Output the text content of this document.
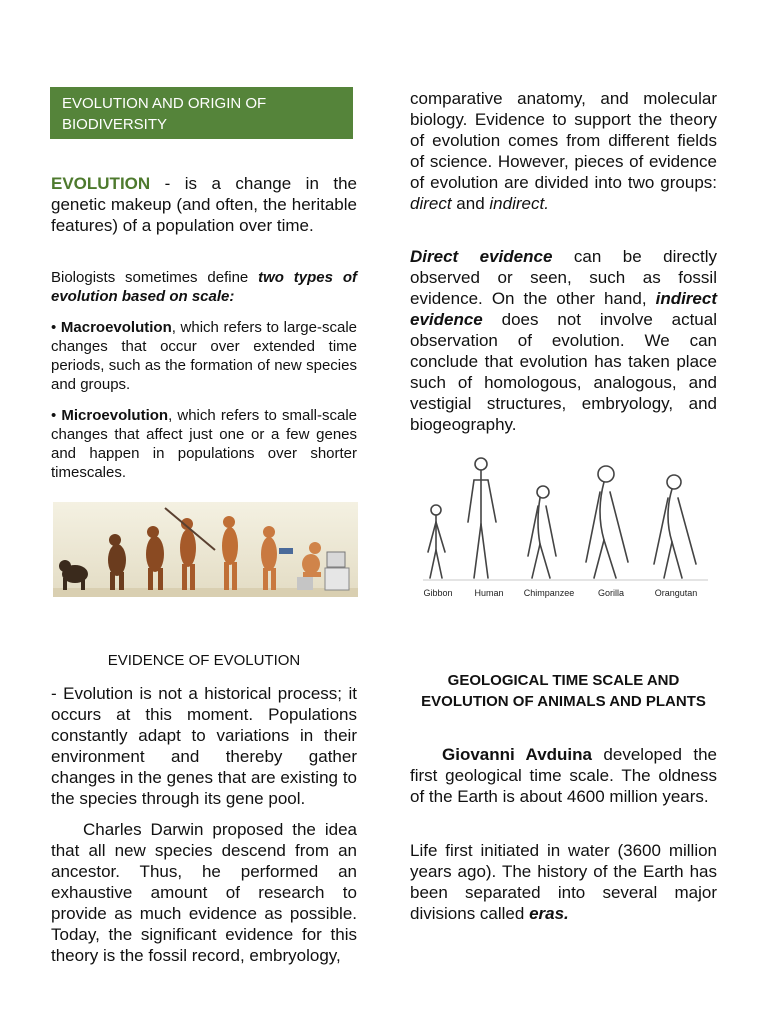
EVOLUTION AND ORIGIN OF
BIODIVERSITY
EVOLUTION - is a change in the genetic makeup (and often, the heritable features) of a population over time.
Biologists sometimes define two types of evolution based on scale:
• Macroevolution, which refers to large-scale changes that occur over extended time periods, such as the formation of new species and groups.
• Microevolution, which refers to small-scale changes that affect just one or a few genes and happen in populations over shorter timescales.
EVIDENCE OF EVOLUTION
- Evolution is not a historical process; it occurs at this moment. Populations constantly adapt to variations in their environment and thereby gather changes in the genes that are existing to the species through its gene pool.
Charles Darwin proposed the idea that all new species descend from an ancestor. Thus, he performed an exhaustive amount of research to provide as much evidence as possible. Today, the significant evidence for this theory is the fossil record, embryology,
comparative anatomy, and molecular biology. Evidence to support the theory of evolution comes from different fields of science. However, pieces of evidence of evolution are divided into two groups: direct and indirect.
Direct evidence can be directly observed or seen, such as fossil evidence. On the other hand, indirect evidence does not involve actual observation of evolution. We can conclude that evolution has taken place such of homologous, analogous, and vestigial structures, embryology, and biogeography.
Gibbon Human Chimpanzee	Gorilla	Orangutan
GEOLOGICAL TIME SCALE AND EVOLUTION OF ANIMALS AND PLANTS
Giovanni Avduina developed the first geological time scale. The oldness of the Earth is about 4600 million years.
Life first initiated in water (3600 million years ago). The history of the Earth has been separated into several major divisions called eras.
